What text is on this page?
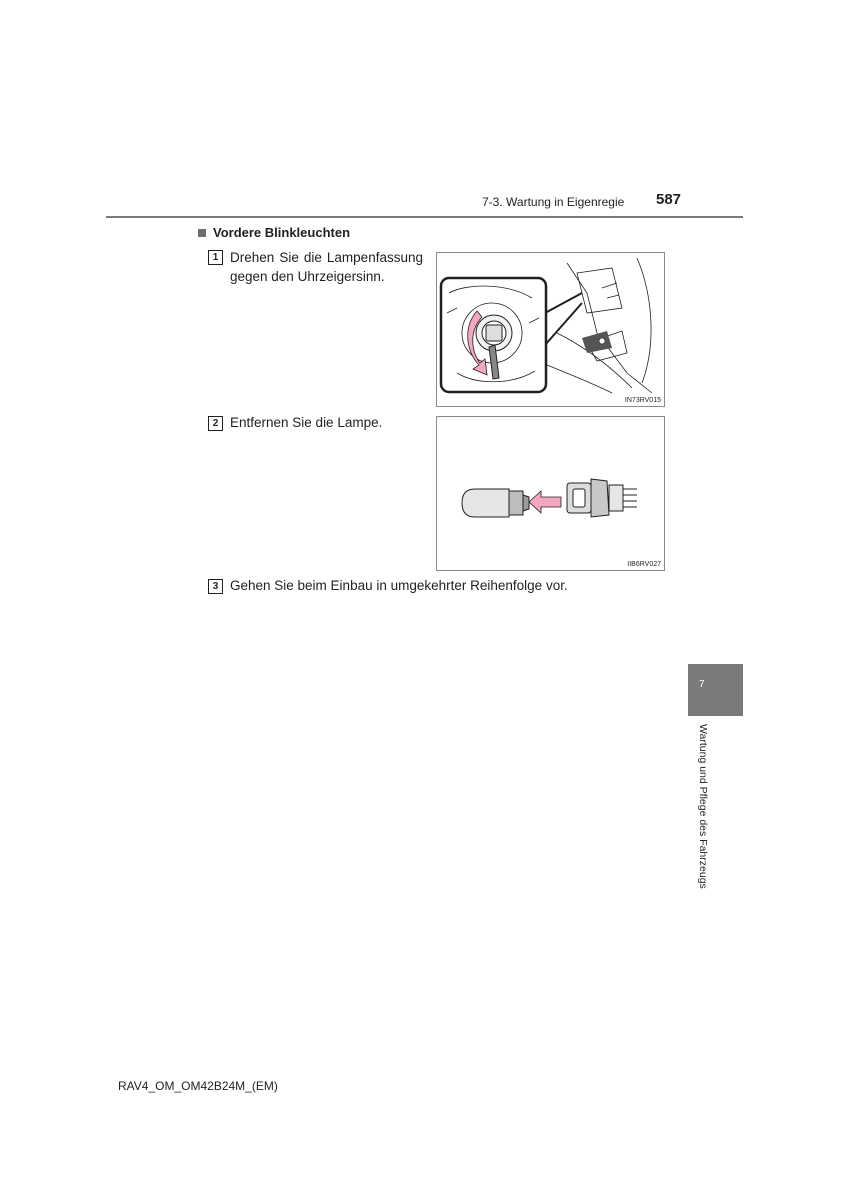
7-3. Wartung in Eigenregie 587
Vordere Blinkleuchten
1 Drehen Sie die Lampenfassung
gegen den Uhrzeigersinn.
IN73RV015
2 Entfernen Sie die Lampe.
IIB6RV027
3 Gehen Sie beim Einbau in umgekehrter Reihenfolge vor.
7
Wartung und Pflege des Fahrzeugs
RAV4_OM_OM42B24M_(EM)
